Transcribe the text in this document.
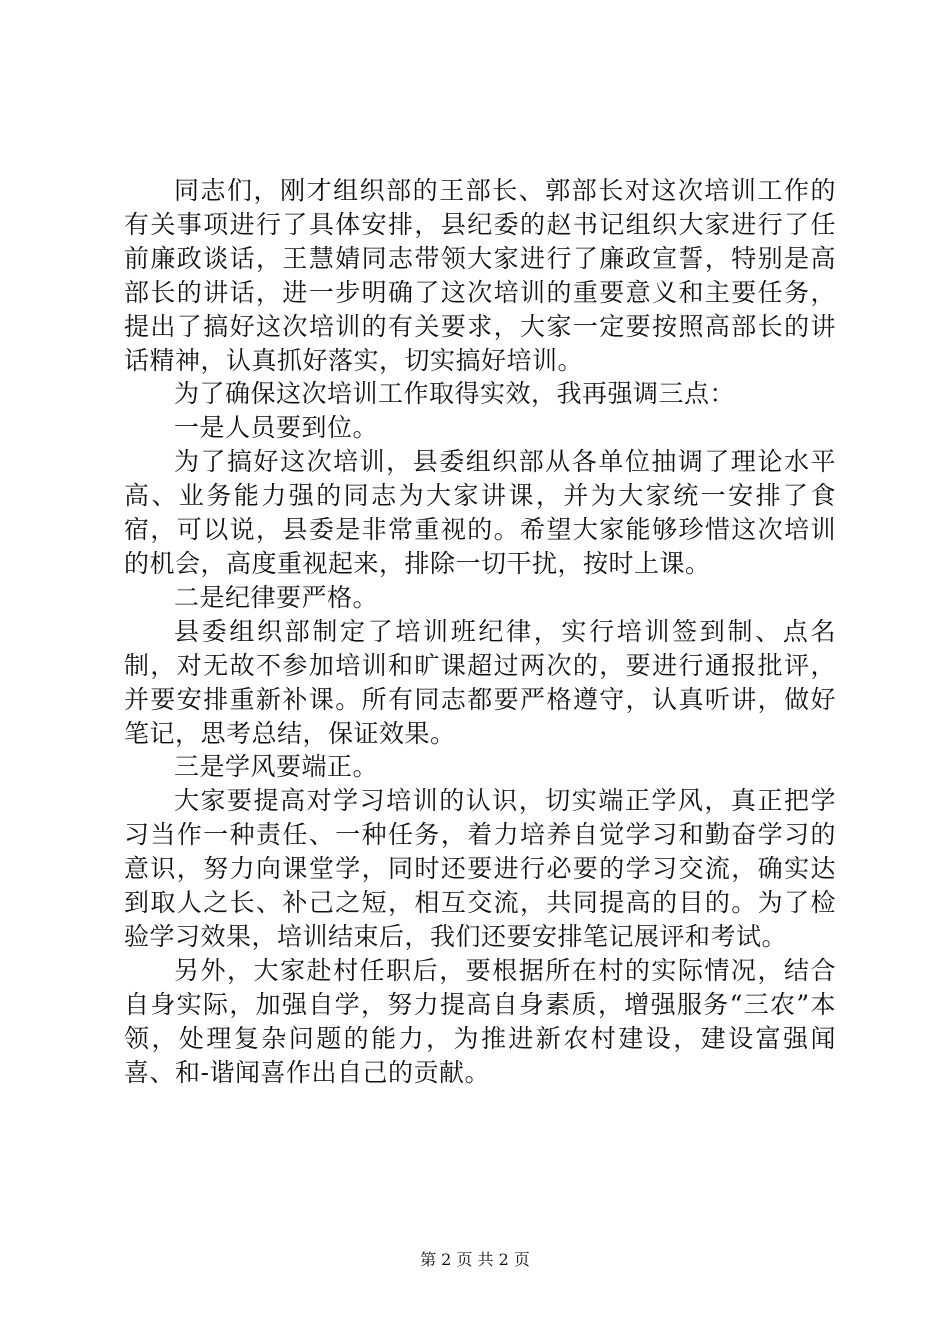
同志们，刚才组织部的王部长、郭部长对这次培训工作的有关事项进行了具体安排，县纪委的赵书记组织大家进行了任前廉政谈话，王慧婧同志带领大家进行了廉政宣誓，特别是高部长的讲话，进一步明确了这次培训的重要意义和主要任务，提出了搞好这次培训的有关要求，大家一定要按照高部长的讲话精神，认真抓好落实，切实搞好培训。

为了确保这次培训工作取得实效，我再强调三点：

一是人员要到位。

为了搞好这次培训，县委组织部从各单位抽调了理论水平高、业务能力强的同志为大家讲课，并为大家统一安排了食宿，可以说，县委是非常重视的。希望大家能够珍惜这次培训的机会，高度重视起来，排除一切干扰，按时上课。

二是纪律要严格。

县委组织部制定了培训班纪律，实行培训签到制、点名制，对无故不参加培训和旷课超过两次的，要进行通报批评，并要安排重新补课。所有同志都要严格遵守，认真听讲，做好笔记，思考总结，保证效果。

三是学风要端正。

大家要提高对学习培训的认识，切实端正学风，真正把学习当作一种责任、一种任务，着力培养自觉学习和勤奋学习的意识，努力向课堂学，同时还要进行必要的学习交流，确实达到取人之长、补己之短，相互交流，共同提高的目的。为了检验学习效果，培训结束后，我们还要安排笔记展评和考试。

另外，大家赴村任职后，要根据所在村的实际情况，结合自身实际，加强自学，努力提高自身素质，增强服务“三农”本领，处理复杂问题的能力，为推进新农村建设，建设富强闻喜、和-谐闻喜作出自己的贡献。

第 2 页 共 2 页
